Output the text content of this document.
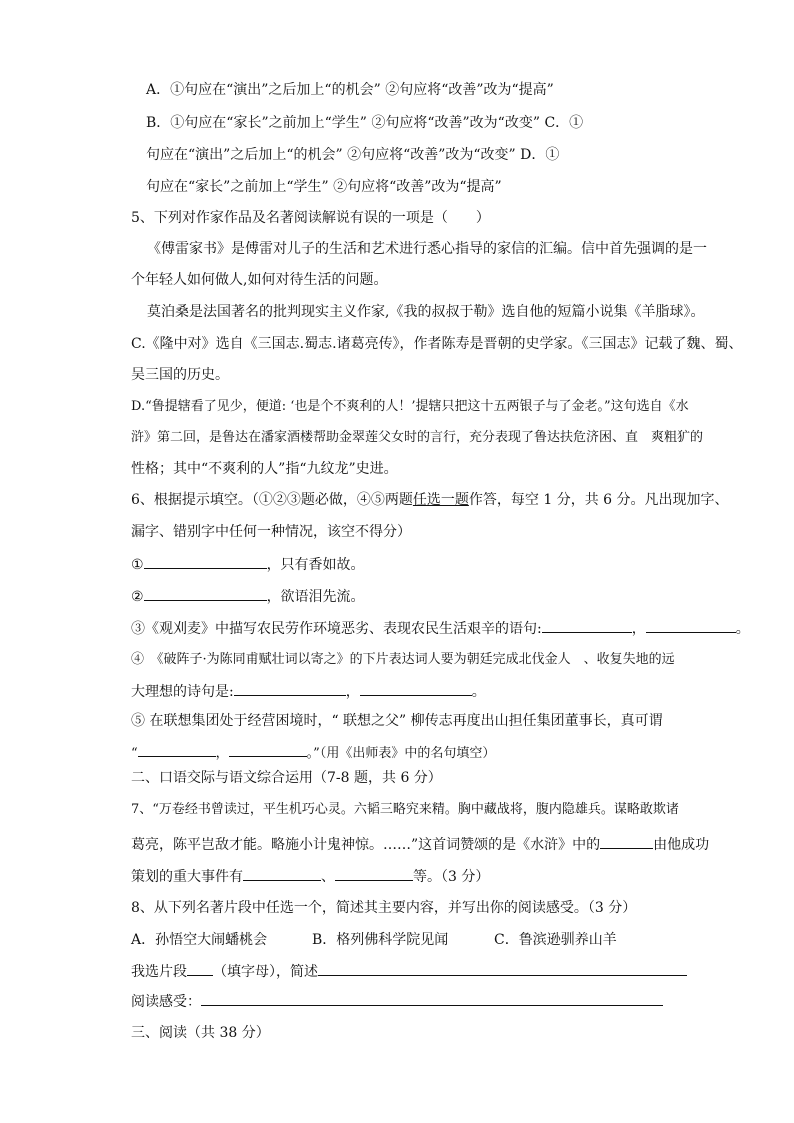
A．①句应在“演出”之后加上“的机会” ②句应将“改善”改为“提高”
B．①句应在“家长”之前加上“学生” ②句应将“改善”改为“改变” C．①
句应在“演出”之后加上“的机会” ②句应将“改善”改为“改变” D．①
句应在“家长”之前加上“学生” ②句应将“改善”改为“提高”
5、下列对作家作品及名著阅读解说有误的一项是（　　）
《傅雷家书》是傅雷对儿子的生活和艺术进行悉心指导的家信的汇编。信中首先强调的是一
个年轻人如何做人,如何对待生活的问题。
莫泊桑是法国著名的批判现实主义作家,《我的叔叔于勒》选自他的短篇小说集《羊脂球》。
C.《隆中对》选自《三国志.蜀志.诸葛亮传》，作者陈寿是晋朝的史学家。《三国志》记载了魏、蜀、
吴三国的历史。
D.“鲁提辖看了见少，便道: ‘也是个不爽利的人！’提辖只把这十五两银子与了金老。”这句选自《水
浒》第二回，是鲁达在潘家酒楼帮助金翠莲父女时的言行，充分表现了鲁达扶危济困、直　爽粗犷的
性格；其中“不爽利的人”指“九纹龙”史进。
6、根据提示填空。（①②③题必做，④⑤两题任选一题作答，每空 1 分，共 6 分。凡出现加字、
漏字、错别字中任何一种情况，该空不得分）
①	，只有香如故。
②	，欲语泪先流。
③《观刈麦》中描写农民劳作环境恶劣、表现农民生活艰辛的语句:	，	。
④　《破阵子·为陈同甫赋壮词以寄之》的下片表达词人要为朝廷完成北伐金人　、收复失地的远
大理想的诗句是:	，	。
⑤ 在联想集团处于经营困境时，“ 联想之父” 柳传志再度出山担任集团董事长，真可谓
“	，	。”（用《出师表》中的名句填空）
二、口语交际与语文综合运用（7-8 题，共 6 分）
7、“万卷经书曾读过，平生机巧心灵。六韬三略究来精。胸中藏战将，腹内隐雄兵。谋略敢欺诸
葛亮，陈平岂敌才能。略施小计鬼神惊。……”这首词赞颂的是《水浒》中的	由他成功
策划的重大事件有	、	等。（3 分）
8、从下列名著片段中任选一个，简述其主要内容，并写出你的阅读感受。（3 分）
A．孙悟空大闹蟠桃会	B．格列佛科学院见闻	C．鲁滨逊驯养山羊
我选片段 （填字母），简述
阅读感受：
三、阅读（共 38 分）
